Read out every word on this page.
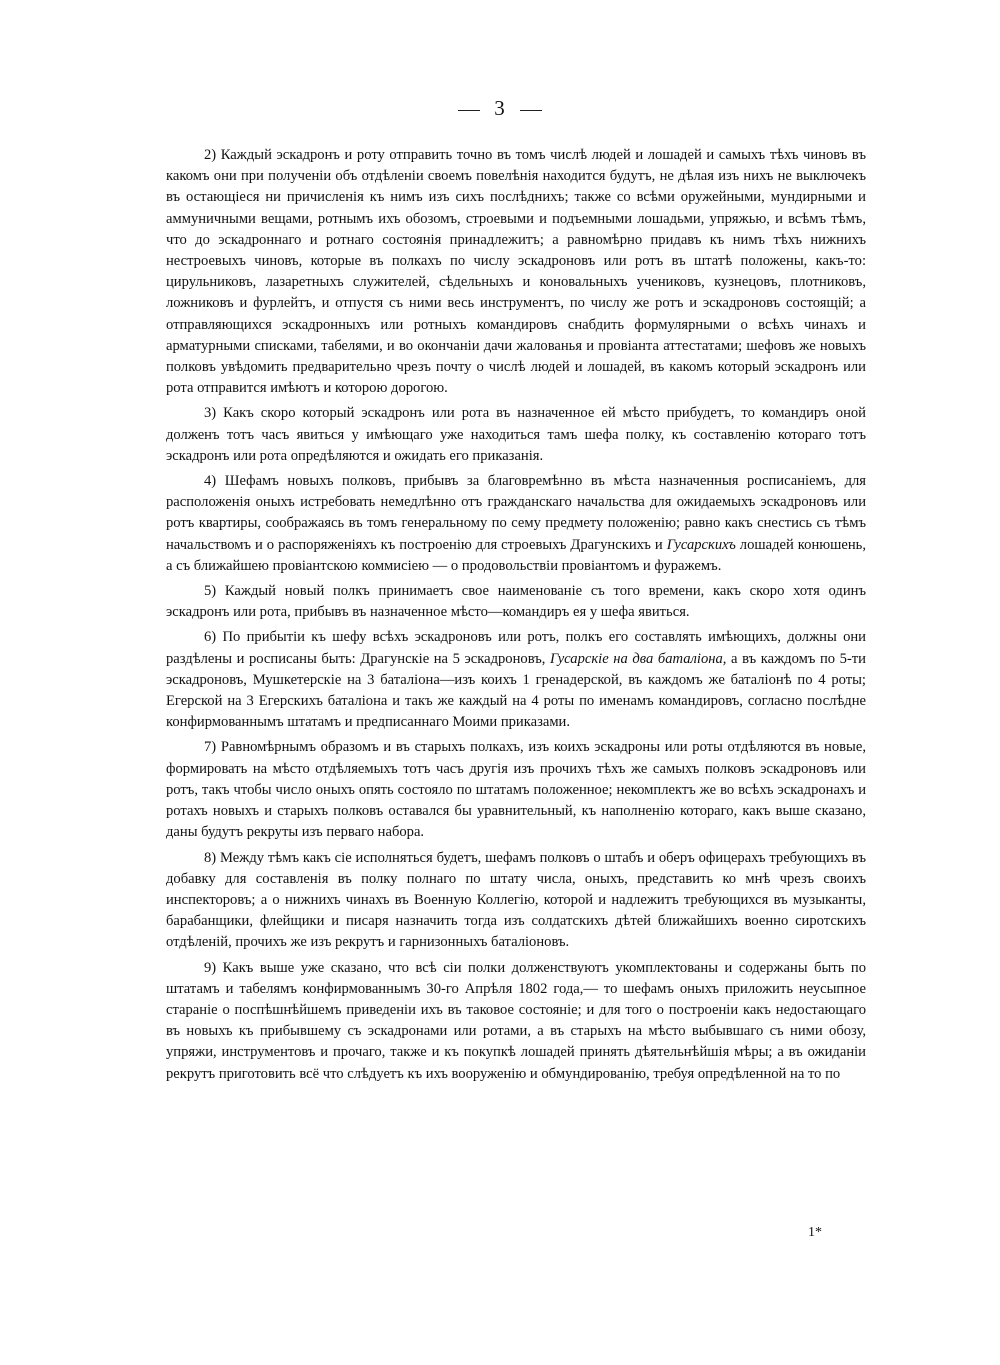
3

2) Каждый эскадронъ и роту отправить точно въ томъ числѣ людей и лошадей и самыхъ тѣхъ чиновъ въ какомъ они при полученіи объ отдѣленіи своемъ повелѣнія находится будутъ, не дѣлая изъ нихъ не выключекъ въ остающіеся ни причисленія къ нимъ изъ сихъ послѣднихъ; также со всѣми оружейными, мундирными и аммуничными вещами, ротнымъ ихъ обозомъ, строевыми и подъемными лошадьми, упряжью, и всѣмъ тѣмъ, что до эскадроннаго и ротнаго состоянія принадлежитъ; а равномѣрно придавъ къ нимъ тѣхъ нижнихъ нестроевыхъ чиновъ, которые въ полкахъ по числу эскадроновъ или ротъ въ штатѣ положены, какъ-то: цирульниковъ, лазаретныхъ служителей, сѣдельныхъ и коновальныхъ учениковъ, кузнецовъ, плотниковъ, ложниковъ и фурлейтъ, и отпустя съ ними весь инструментъ, по числу же ротъ и эскадроновъ состоящій; а отправляющихся эскадронныхъ или ротныхъ командировъ снабдить формулярными о всѣхъ чинахъ и арматурными списками, табелями, и во окончаніи дачи жалованья и провіанта аттестатами; шефовъ же новыхъ полковъ увѣдомить предварительно чрезъ почту о числѣ людей и лошадей, въ какомъ который эскадронъ или рота отправится имѣютъ и которою дорогою.

3) Какъ скоро который эскадронъ или рота въ назначенное ей мѣсто прибудетъ, то командиръ оной долженъ тотъ часъ явиться у имѣющаго уже находиться тамъ шефа полку, къ составленію котораго тотъ эскадронъ или рота опредѣляются и ожидать его приказанія.

4) Шефамъ новыхъ полковъ, прибывъ за благовремѣнно въ мѣста назначенныя росписаніемъ, для расположенія оныхъ истребовать немедлѣнно отъ гражданскаго начальства для ожидаемыхъ эскадроновъ или ротъ квартиры, соображаясь въ томъ генеральному по сему предмету положенію; равно какъ снестись съ тѣмъ начальствомъ и о распоряженіяхъ къ построенію для строевыхъ Драгунскихъ и Гусарскихъ лошадей конюшень, а съ ближайшею провіантскою коммисіею — о продовольствіи провіантомъ и фуражемъ.

5) Каждый новый полкъ принимаетъ свое наименованіе съ того времени, какъ скоро хотя одинъ эскадронъ или рота, прибывъ въ назначенное мѣсто—командиръ ея у шефа явиться.

6) По прибытіи къ шефу всѣхъ эскадроновъ или ротъ, полкъ его составлять имѣющихъ, должны они раздѣлены и росписаны быть: Драгунскіе на 5 эскадроновъ, Гусарскіе на два баталіона, а въ каждомъ по 5-ти эскадроновъ, Мушкетерскіе на 3 баталіона—изъ коихъ 1 гренадерской, въ каждомъ же баталіонѣ по 4 роты; Егерской на 3 Егерскихъ баталіона и такъ же каждый на 4 роты по именамъ командировъ, согласно послѣдне конфирмованнымъ штатамъ и предписаннаго Моими приказами.

7) Равномѣрнымъ образомъ и въ старыхъ полкахъ, изъ коихъ эскадроны или роты отдѣляются въ новые, формировать на мѣсто отдѣляемыхъ тотъ часъ другія изъ прочихъ тѣхъ же самыхъ полковъ эскадроновъ или ротъ, такъ чтобы число оныхъ опять состояло по штатамъ положенное; некомплектъ же во всѣхъ эскадронахъ и ротахъ новыхъ и старыхъ полковъ оставался бы уравнительный, къ наполненію котораго, какъ выше сказано, даны будутъ рекруты изъ перваго набора.

8) Между тѣмъ какъ сіе исполняться будетъ, шефамъ полковъ о штабъ и оберъ офицерахъ требующихъ въ добавку для составленія въ полку полнаго по штату числа, оныхъ, представить ко мнѣ чрезъ своихъ инспекторовъ; а о нижнихъ чинахъ въ Военную Коллегію, которой и надлежитъ требующихся въ музыканты, барабанщики, флейщики и писаря назначить тогда изъ солдатскихъ дѣтей ближайшихъ военно сиротскихъ отдѣленій, прочихъ же изъ рекрутъ и гарнизонныхъ баталіоновъ.

9) Какъ выше уже сказано, что всѣ сіи полки долженствуютъ укомплектованы и содержаны быть по штатамъ и табелямъ конфирмованнымъ 30-го Апрѣля 1802 года,— то шефамъ оныхъ приложить неусыпное стараніе о поспѣшнѣйшемъ приведеніи ихъ въ таковое состояніе; и для того о построеніи какъ недостающаго въ новыхъ къ прибывшему съ эскадронами или ротами, а въ старыхъ на мѣсто выбывшаго съ ними обозу, упряжи, инструментовъ и прочаго, также и къ покупкѣ лошадей принять дѣятельнѣйшія мѣры; а въ ожиданіи рекрутъ приготовить всё что слѣдуетъ къ ихъ вооруженію и обмундированію, требуя опредѣленной на то по

1*
